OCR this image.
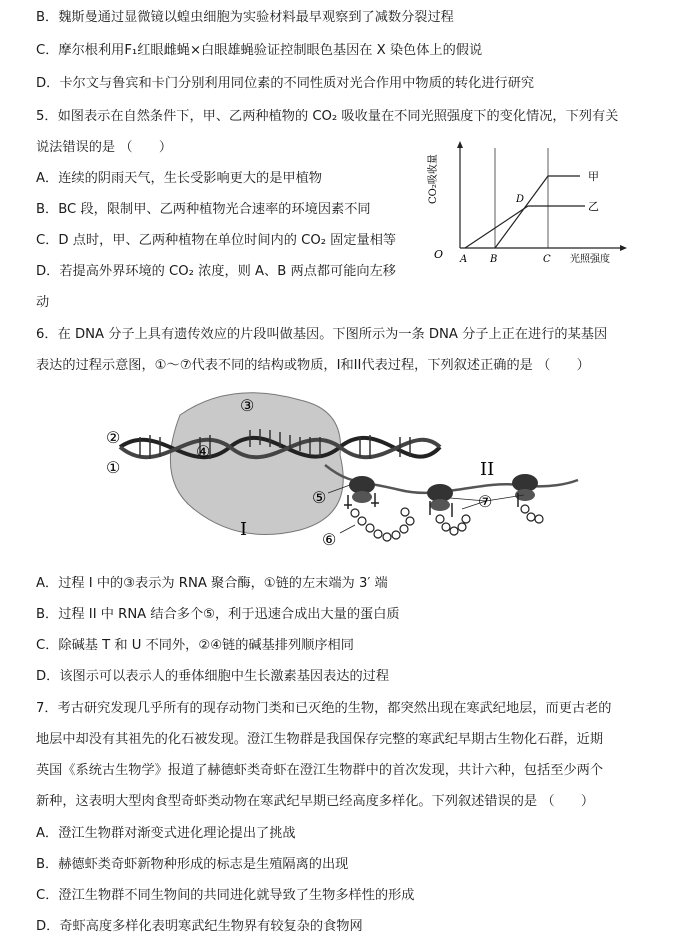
B．魏斯曼通过显微镜以蝗虫细胞为实验材料最早观察到了减数分裂过程
C．摩尔根利用F₁红眼雌蝇×白眼雄蝇验证控制眼色基因在 X 染色体上的假说
D．卡尔文与鲁宾和卡门分别利用同位素的不同性质对光合作用中物质的转化进行研究
5．如图表示在自然条件下，甲、乙两种植物的 CO₂ 吸收量在不同光照强度下的变化情况，下列有关
说法错误的是 （　　）
A．连续的阴雨天气，生长受影响更大的是甲植物
B．BC 段，限制甲、乙两种植物光合速率的环境因素不同
C．D 点时，甲、乙两种植物在单位时间内的 CO₂ 固定量相等
D．若提高外界环境的 CO₂ 浓度，则 A、B 两点都可能向左移
动
CO₂吸收量
O A B	C
D
光照强度
甲
乙
6．在 DNA 分子上具有遗传效应的片段叫做基因。下图所示为一条 DNA 分子上正在进行的某基因
表达的过程示意图，①～⑦代表不同的结构或物质，I和II代表过程，下列叙述正确的是 （　　）
③
②
①
④
⑤
⑥
⑦
I
II
A．过程 I 中的③表示为 RNA 聚合酶，①链的左末端为 3′ 端
B．过程 II 中 RNA 结合多个⑤，利于迅速合成出大量的蛋白质
C．除碱基 T 和 U 不同外，②④链的碱基排列顺序相同
D．该图示可以表示人的垂体细胞中生长激素基因表达的过程
7．考古研究发现几乎所有的现存动物门类和已灭绝的生物，都突然出现在寒武纪地层，而更古老的
地层中却没有其祖先的化石被发现。澄江生物群是我国保存完整的寒武纪早期古生物化石群，近期
英国《系统古生物学》报道了赫德虾类奇虾在澄江生物群中的首次发现，共计六种，包括至少两个
新种，这表明大型肉食型奇虾类动物在寒武纪早期已经高度多样化。下列叙述错误的是 （　　）
A．澄江生物群对渐变式进化理论提出了挑战
B．赫德虾类奇虾新物种形成的标志是生殖隔离的出现
C．澄江生物群不同生物间的共同进化就导致了生物多样性的形成
D．奇虾高度多样化表明寒武纪生物界有较复杂的食物网
